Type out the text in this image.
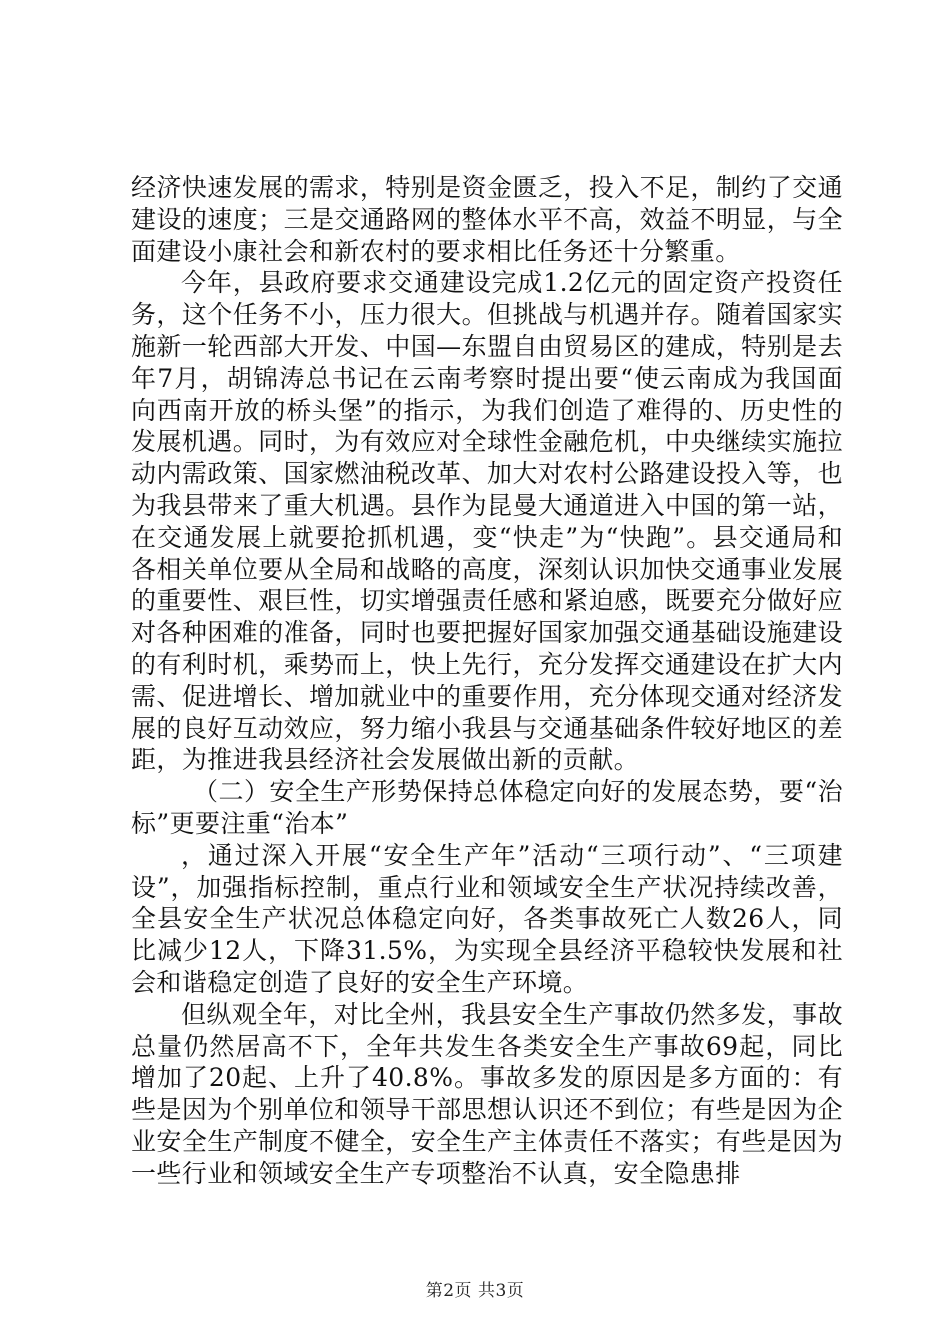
经济快速发展的需求，特别是资金匮乏，投入不足，制约了交通建设的速度；三是交通路网的整体水平不高，效益不明显，与全面建设小康社会和新农村的要求相比任务还十分繁重。

今年，县政府要求交通建设完成1.2亿元的固定资产投资任务，这个任务不小，压力很大。但挑战与机遇并存。随着国家实施新一轮西部大开发、中国—东盟自由贸易区的建成，特别是去年7月，胡锦涛总书记在云南考察时提出要“使云南成为我国面向西南开放的桥头堡”的指示，为我们创造了难得的、历史性的发展机遇。同时，为有效应对全球性金融危机，中央继续实施拉动内需政策、国家燃油税改革、加大对农村公路建设投入等，也为我县带来了重大机遇。县作为昆曼大通道进入中国的第一站，在交通发展上就要抢抓机遇，变“快走”为“快跑”。县交通局和各相关单位要从全局和战略的高度，深刻认识加快交通事业发展的重要性、艰巨性，切实增强责任感和紧迫感，既要充分做好应对各种困难的准备，同时也要把握好国家加强交通基础设施建设的有利时机，乘势而上，快上先行，充分发挥交通建设在扩大内需、促进增长、增加就业中的重要作用，充分体现交通对经济发展的良好互动效应，努力缩小我县与交通基础条件较好地区的差距，为推进我县经济社会发展做出新的贡献。

（二）安全生产形势保持总体稳定向好的发展态势，要“治标”更要注重“治本”

，通过深入开展“安全生产年”活动“三项行动”、“三项建设”，加强指标控制，重点行业和领域安全生产状况持续改善，全县安全生产状况总体稳定向好，各类事故死亡人数26人，同比减少12人，下降31.5%，为实现全县经济平稳较快发展和社会和谐稳定创造了良好的安全生产环境。

但纵观全年，对比全州，我县安全生产事故仍然多发，事故总量仍然居高不下，全年共发生各类安全生产事故69起，同比增加了20起、上升了40.8%。事故多发的原因是多方面的：有些是因为个别单位和领导干部思想认识还不到位；有些是因为企业安全生产制度不健全，安全生产主体责任不落实；有些是因为一些行业和领域安全生产专项整治不认真，安全隐患排

第2页 共3页
